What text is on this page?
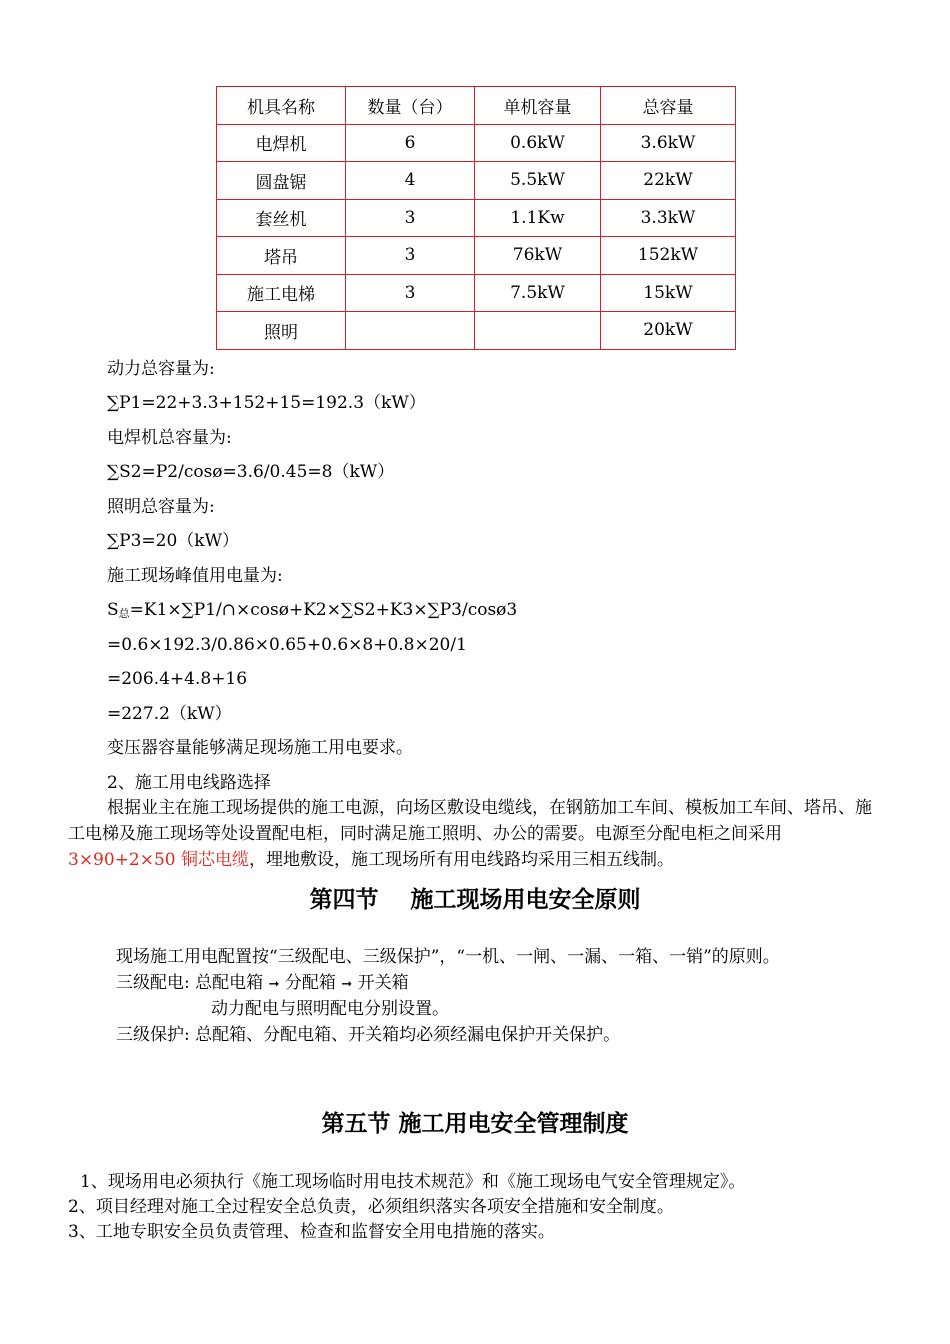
机具名称	数量（台）	单机容量	总容量
电焊机	6	0.6kW	3.6kW
圆盘锯	4	5.5kW	22kW
套丝机	3	1.1Kw	3.3kW
塔吊	3	76kW	152kW
施工电梯	3	7.5kW	15kW
照明			20kW
动力总容量为:
∑P1=22+3.3+152+15=192.3（kW）
电焊机总容量为:
∑S2=P2/cosø=3.6/0.45=8（kW）
照明总容量为:
∑P3=20（kW）
施工现场峰值用电量为:
$S_总=K1\times\sum P1/\cap\times\cos ø+K2\times\sum S2+K3\times\sum P3/\cos ø3$
=0.6×192.3/0.86×0.65+0.6×8+0.8×20/1
=206.4+4.8+16
=227.2（kW）
变压器容量能够满足现场施工用电要求。
2、施工用电线路选择
根据业主在施工现场提供的施工电源，向场区敷设电缆线，在钢筋加工车间、模板加工车间、塔吊、施工电梯及施工现场等处设置配电柜，同时满足施工照明、办公的需要。电源至分配电柜之间采用3×90+2×50 铜芯电缆，埋地敷设，施工现场所有用电线路均采用三相五线制。
第四节    施工现场用电安全原则
现场施工用电配置按“三级配电、三级保护”，“一机、一闸、一漏、一箱、一销”的原则。
三级配电: 总配电箱 ➞ 分配箱 ➞ 开关箱
动力配电与照明配电分别设置。
三级保护: 总配箱、分配电箱、开关箱均必须经漏电保护开关保护。
第五节 施工用电安全管理制度
1、现场用电必须执行《施工现场临时用电技术规范》和《施工现场电气安全管理规定》。
2、项目经理对施工全过程安全总负责，必须组织落实各项安全措施和安全制度。
3、工地专职安全员负责管理、检查和监督安全用电措施的落实。
